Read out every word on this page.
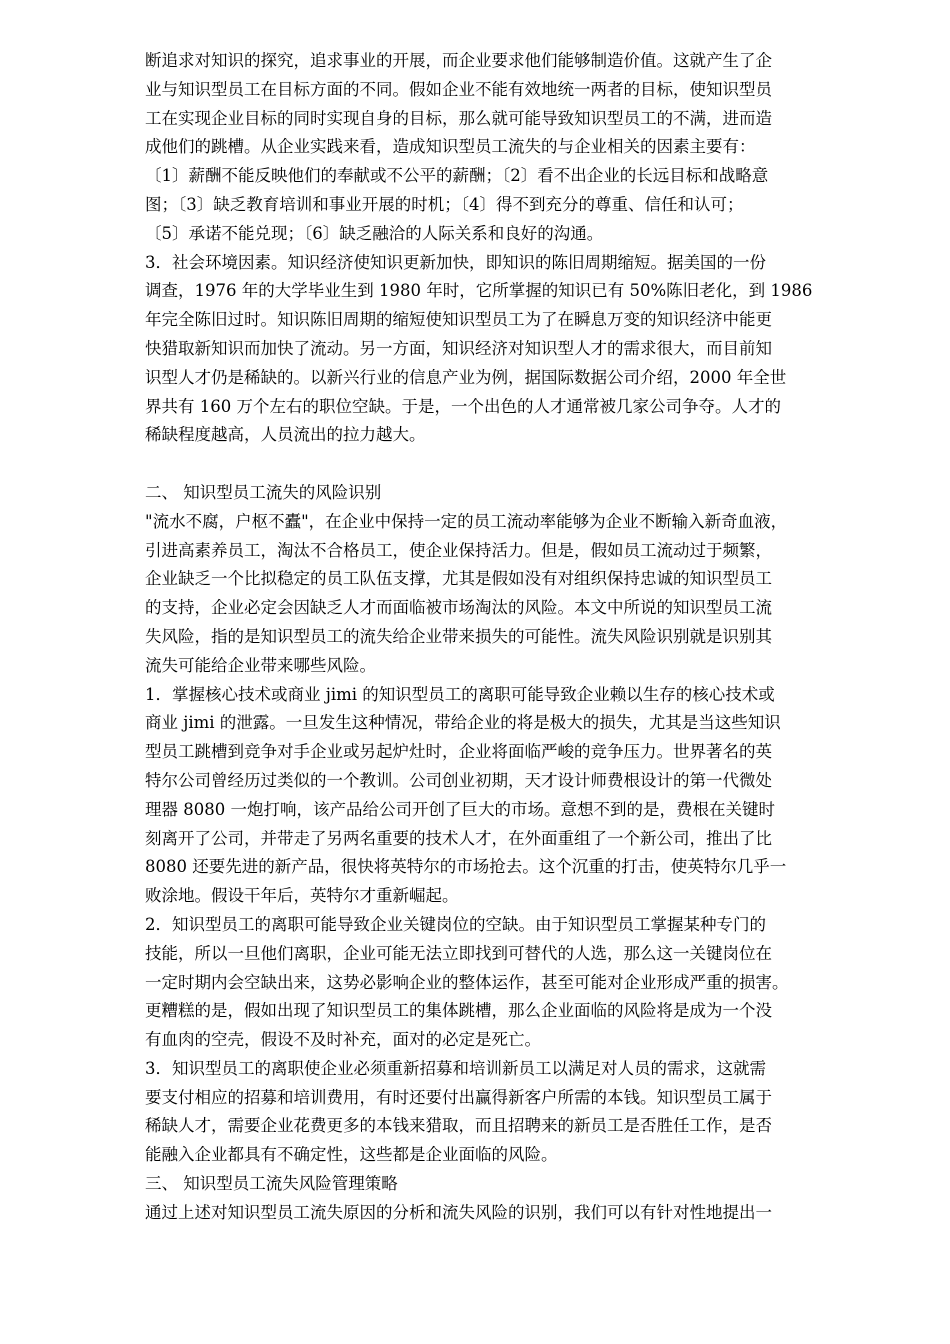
断追求对知识的探究，追求事业的开展，而企业要求他们能够制造价值。这就产生了企
业与知识型员工在目标方面的不同。假如企业不能有效地统一两者的目标，使知识型员
工在实现企业目标的同时实现自身的目标，那么就可能导致知识型员工的不满，进而造
成他们的跳槽。从企业实践来看，造成知识型员工流失的与企业相关的因素主要有：
〔1〕薪酬不能反映他们的奉献或不公平的薪酬；〔2〕看不出企业的长远目标和战略意
图；〔3〕缺乏教育培训和事业开展的时机；〔4〕得不到充分的尊重、信任和认可；
〔5〕承诺不能兑现；〔6〕缺乏融洽的人际关系和良好的沟通。
3．社会环境因素。知识经济使知识更新加快，即知识的陈旧周期缩短。据美国的一份
调查，1976 年的大学毕业生到 1980 年时，它所掌握的知识已有 50%陈旧老化，到 1986
年完全陈旧过时。知识陈旧周期的缩短使知识型员工为了在瞬息万变的知识经济中能更
快猎取新知识而加快了流动。另一方面，知识经济对知识型人才的需求很大，而目前知
识型人才仍是稀缺的。以新兴行业的信息产业为例，据国际数据公司介绍，2000 年全世
界共有 160 万个左右的职位空缺。于是，一个出色的人才通常被几家公司争夺。人才的
稀缺程度越高，人员流出的拉力越大。
二、 知识型员工流失的风险识别
"流水不腐，户枢不蠹"，在企业中保持一定的员工流动率能够为企业不断输入新奇血液，
引进高素养员工，淘汰不合格员工，使企业保持活力。但是，假如员工流动过于频繁，
企业缺乏一个比拟稳定的员工队伍支撑，尤其是假如没有对组织保持忠诚的知识型员工
的支持，企业必定会因缺乏人才而面临被市场淘汰的风险。本文中所说的知识型员工流
失风险，指的是知识型员工的流失给企业带来损失的可能性。流失风险识别就是识别其
流失可能给企业带来哪些风险。
1．掌握核心技术或商业 jimi 的知识型员工的离职可能导致企业赖以生存的核心技术或
商业 jimi 的泄露。一旦发生这种情况，带给企业的将是极大的损失，尤其是当这些知识
型员工跳槽到竞争对手企业或另起炉灶时，企业将面临严峻的竞争压力。世界著名的英
特尔公司曾经历过类似的一个教训。公司创业初期，天才设计师费根设计的第一代微处
理器 8080 一炮打响，该产品给公司开创了巨大的市场。意想不到的是，费根在关键时
刻离开了公司，并带走了另两名重要的技术人才，在外面重组了一个新公司，推出了比
8080 还要先进的新产品，很快将英特尔的市场抢去。这个沉重的打击，使英特尔几乎一
败涂地。假设干年后，英特尔才重新崛起。
2．知识型员工的离职可能导致企业关键岗位的空缺。由于知识型员工掌握某种专门的
技能，所以一旦他们离职，企业可能无法立即找到可替代的人选，那么这一关键岗位在
一定时期内会空缺出来，这势必影响企业的整体运作，甚至可能对企业形成严重的损害。
更糟糕的是，假如出现了知识型员工的集体跳槽，那么企业面临的风险将是成为一个没
有血肉的空壳，假设不及时补充，面对的必定是死亡。
3．知识型员工的离职使企业必须重新招募和培训新员工以满足对人员的需求，这就需
要支付相应的招募和培训费用，有时还要付出赢得新客户所需的本钱。知识型员工属于
稀缺人才，需要企业花费更多的本钱来猎取，而且招聘来的新员工是否胜任工作，是否
能融入企业都具有不确定性，这些都是企业面临的风险。
三、 知识型员工流失风险管理策略
通过上述对知识型员工流失原因的分析和流失风险的识别，我们可以有针对性地提出一
